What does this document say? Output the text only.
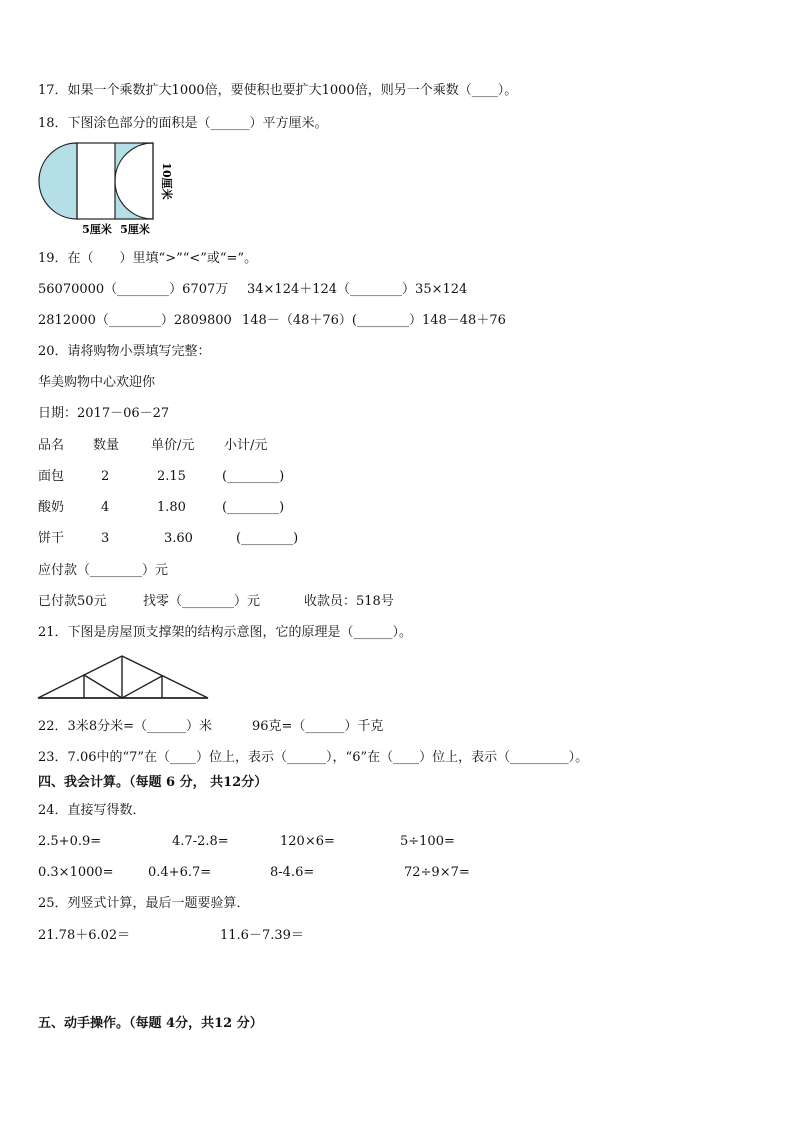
17．如果一个乘数扩大1000倍，要使积也要扩大1000倍，则另一个乘数（____）。
18．下图涂色部分的面积是（______）平方厘米。
10厘米
5厘米 5厘米
19．在（　　）里填“>”“<”或“=”。
56070000（________）6707万 34×124＋124（________）35×124
2812000（________）2809800 148－（48＋76）(________）148－48＋76
20．请将购物小票填写完整：
华美购物中心欢迎你
日期：2017－06－27
品名 数量 单价/元 小计/元
面包	2	2.15	(________)
酸奶	4	1.80	(________)
饼干	3	3.60	(________)
应付款（________）元
已付款50元	找零（________）元	收款员：518号
21．下图是房屋顶支撑架的结构示意图，它的原理是（______）。
22．3米8分米=（______）米	96克=（______）千克
23．7.06中的“7”在（____）位上，表示（______），“6”在（____）位上，表示（_________）。
四、我会计算。（每题 6 分， 共12分）
24．直接写得数．
2.5+0.9=	4.7-2.8=	120×6=	5÷100=
0.3×1000=	0.4+6.7=	8-4.6=	72÷9×7=
25．列竖式计算，最后一题要验算．
21.78＋6.02＝	11.6－7.39＝
五、动手操作。（每题 4分，共12 分）
